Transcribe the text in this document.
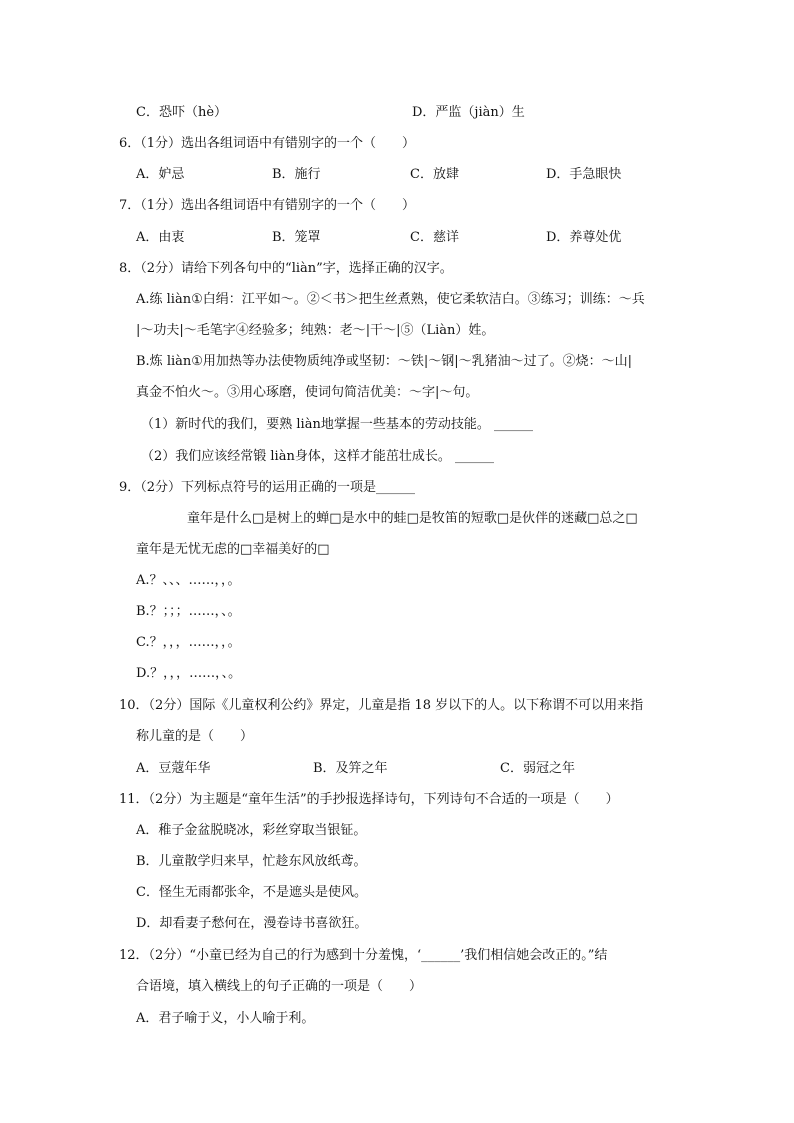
C．恐吓（hè）	D．严监（jiàn）生
6．（1分）选出各组词语中有错别字的一个（　　）
A．妒忌	B．施行	C．放肆	D．手急眼快
7．（1分）选出各组词语中有错别字的一个（　　）
A．由衷	B．笼罩	C．慈详	D．养尊处优
8．（2分）请给下列各句中的“liàn”字，选择正确的汉字。
A.练 liàn①白绢：江平如～。②＜书＞把生丝煮熟，使它柔软洁白。③练习；训练：～兵
|～功夫|～毛笔字④经验多；纯熟：老～|干～|⑤（Liàn）姓。
B.炼 liàn①用加热等办法使物质纯净或坚韧：～铁|～钢|～乳猪油～过了。②烧：～山|
真金不怕火～。③用心琢磨，使词句简洁优美：～字|～句。
（1）新时代的我们，要熟 liàn地掌握一些基本的劳动技能。 ______
（2）我们应该经常锻 liàn身体，这样才能茁壮成长。 ______
9．（2分）下列标点符号的运用正确的一项是______
童年是什么□是树上的蝉□是水中的蛙□是牧笛的短歌□是伙伴的迷藏□总之□
童年是无忧无虑的□幸福美好的□
A.？、、、……，，。
B.？；；；……，、。
C.？，，，……，，。
D.？，，，……，、。
10．（2分）国际《儿童权利公约》界定，儿童是指 18 岁以下的人。以下称谓不可以用来指
称儿童的是（　　）
A．豆蔻年华	B．及笄之年	C．弱冠之年
11．（2分）为主题是“童年生活”的手抄报选择诗句，下列诗句不合适的一项是（　　）
A．稚子金盆脱晓冰，彩丝穿取当银钲。
B．儿童散学归来早，忙趁东风放纸鸢。
C．怪生无雨都张伞，不是遮头是使风。
D．却看妻子愁何在，漫卷诗书喜欲狂。
12．（2分）“小童已经为自己的行为感到十分羞愧，‘______’我们相信她会改正的。”结
合语境，填入横线上的句子正确的一项是（　　）
A．君子喻于义，小人喻于利。
